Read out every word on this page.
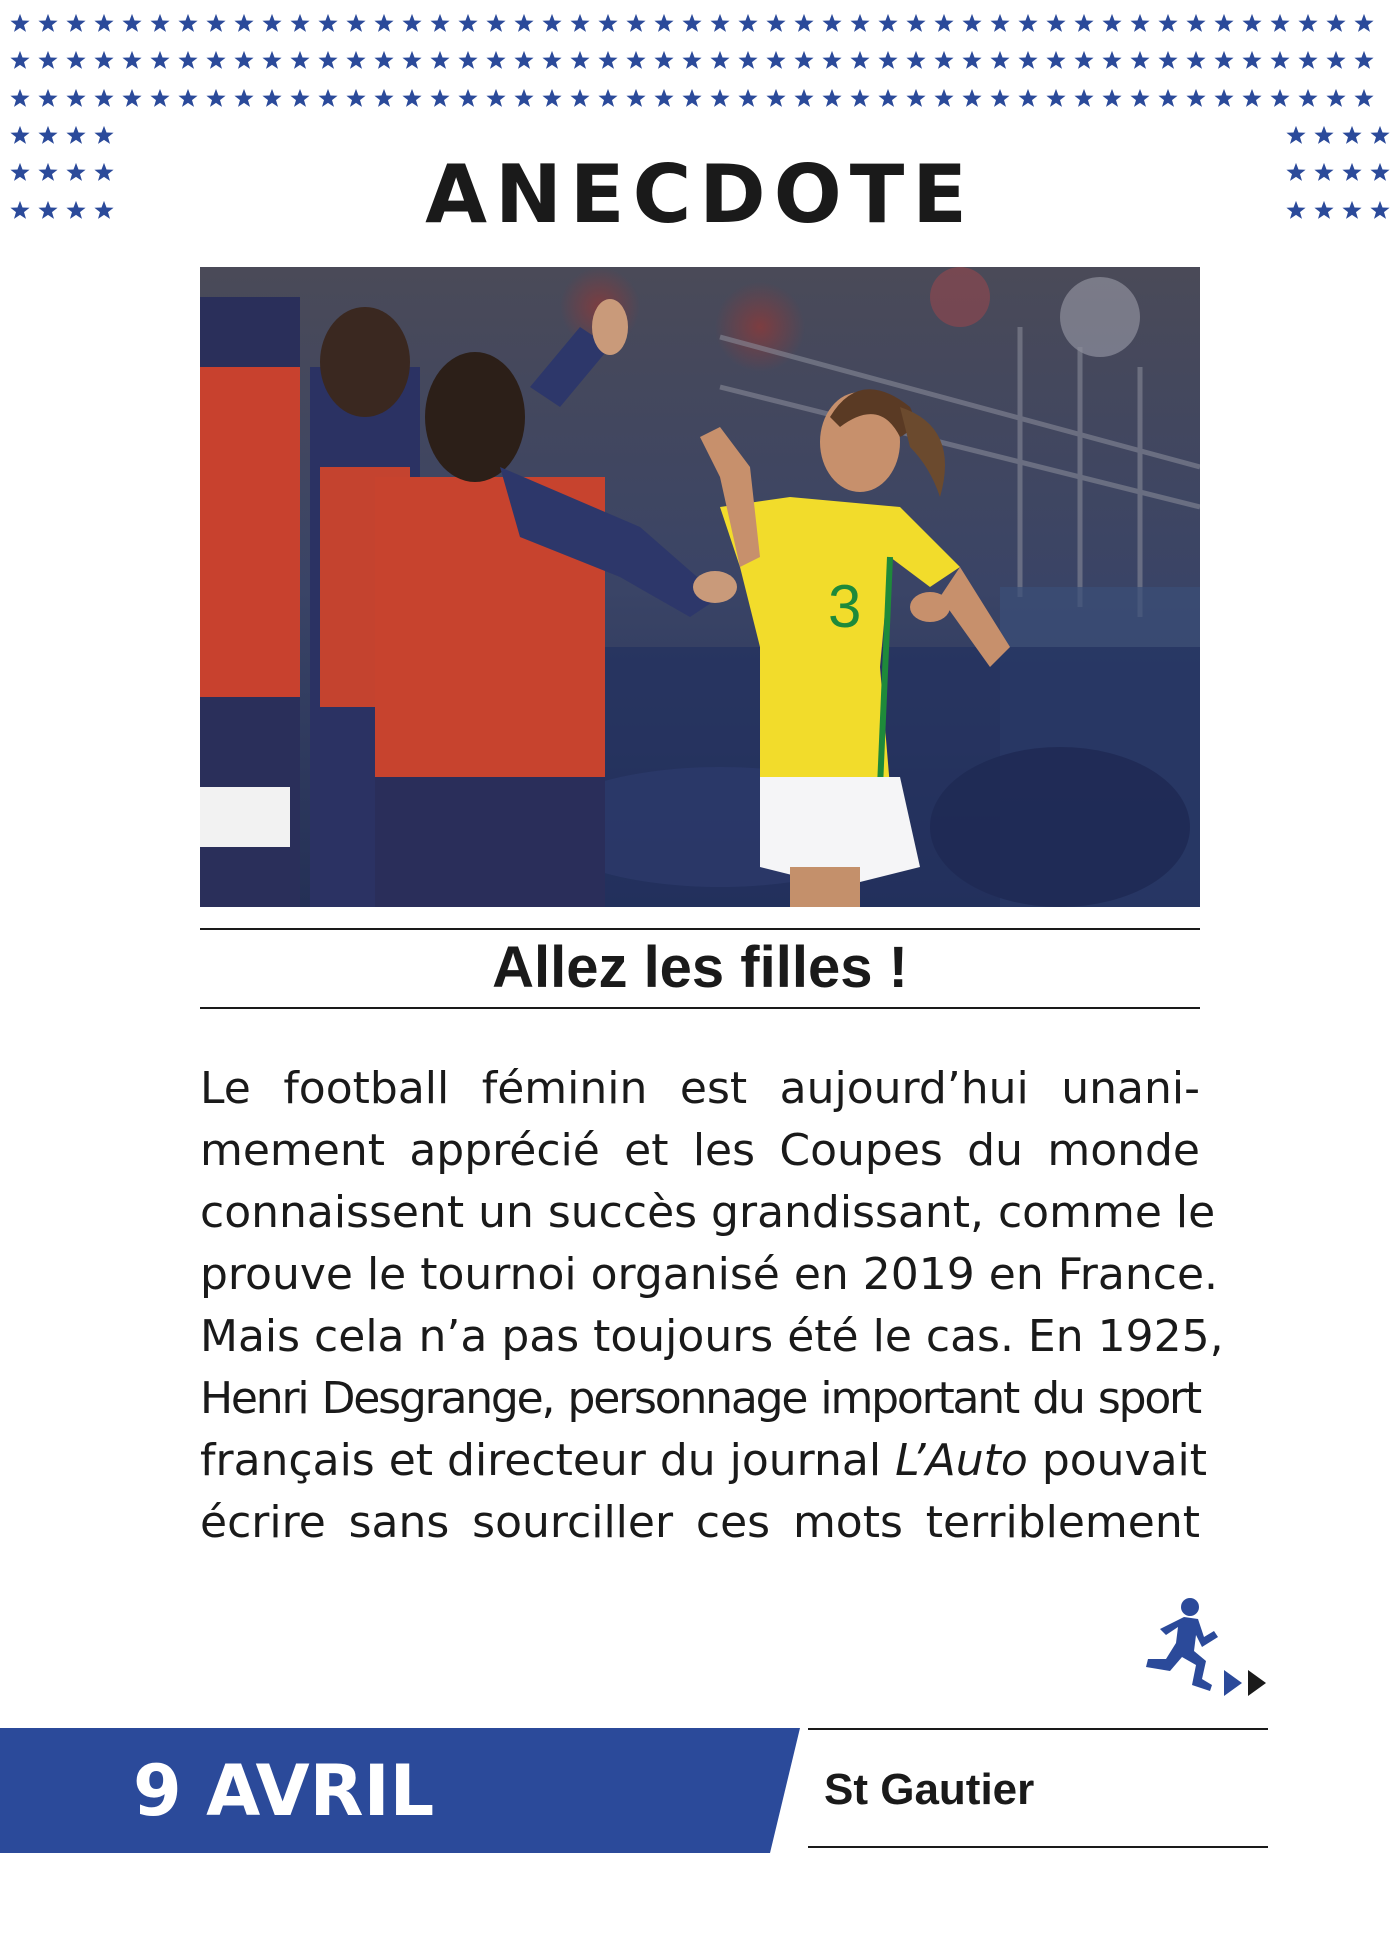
ANECDOTE
3
Allez les filles !
Le football féminin est aujourd’hui unani-
mement apprécié et les Coupes du monde
connaissent un succès grandissant, comme le
prouve le tournoi organisé en 2019 en France.
Mais cela n’a pas toujours été le cas. En 1925,
Henri Desgrange, personnage important du sport
français et directeur du journal L’Auto pouvait
écrire sans sourciller ces mots terriblement
9 AVRIL	St Gautier
